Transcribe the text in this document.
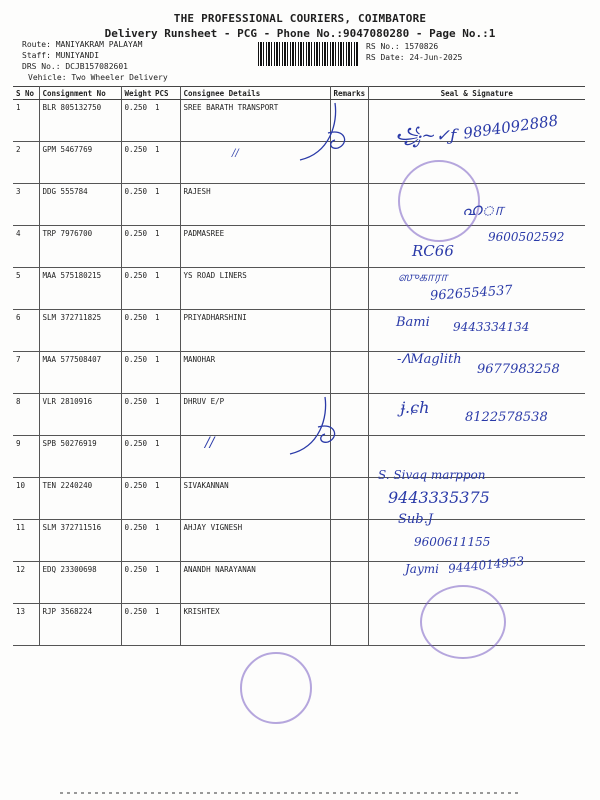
THE PROFESSIONAL COURIERS, COIMBATORE
Delivery Runsheet - PCG - Phone No.:9047080280 - Page No.:1
Route: MANIYAKRAM PALAYAM
Staff: MUNIYANDI
DRS No.: DCJB157082601
Vehicle: Two Wheeler Delivery
RS No.: 1570826
RS Date: 24-Jun-2025
S No	Consignment No	Weight	PCS	Consignee Details	Remarks	Seal & Signature
1	BLR 805132750	0.250	1	SREE BARATH TRANSPORT		
2	GPM 5467769	0.250	1			
3	DDG 555784	0.250	1	RAJESH		
4	TRP 7976700	0.250	1	PADMASREE		
5	MAA 575180215	0.250	1	YS ROAD LINERS		
6	SLM 372711825	0.250	1	PRIYADHARSHINI		
7	MAA 577508407	0.250	1	MANOHAR		
8	VLR 2810916	0.250	1	DHRUV E/P		
9	SPB 50276919	0.250	1			
10	TEN 2240240	0.250	1	SIVAKANNAN		
11	SLM 372711516	0.250	1	AHJAY VIGNESH		
12	EDQ 23300698	0.250	1	ANANDH NARAYANAN		
13	RJP 3568224	0.250	1	KRISHTEX		
//
//
꧁~✓ƒ 9894092888
ഹா
9600502592
RC66
ஸுகாரா
9626554537
Bami 9443334134
-ᐱMaglith
9677983258
ɉ.ɕh
8122578538
S. Sivaq marppon
9443335375
Sub.J
9600611155
Jaymi 9444014953
